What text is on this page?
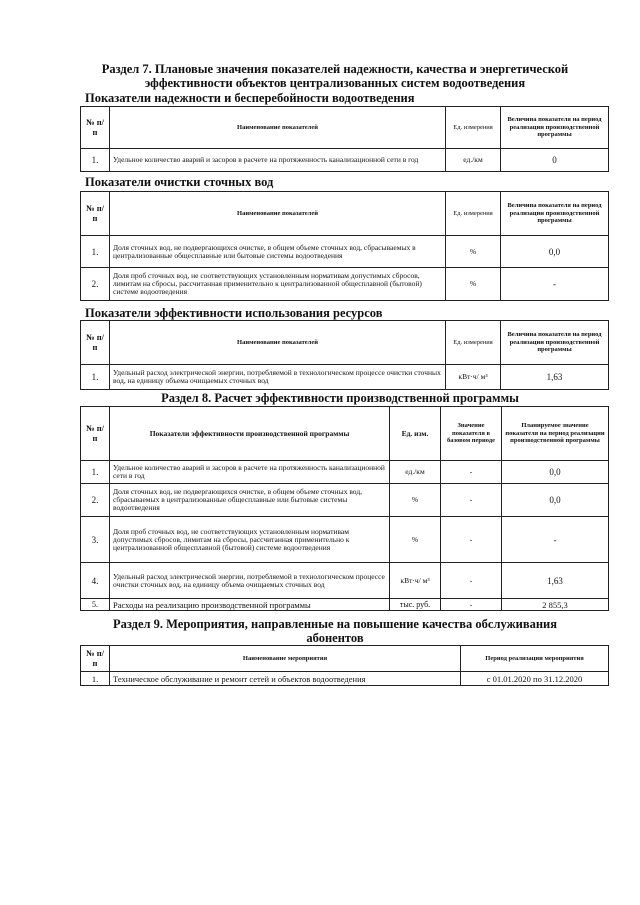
Раздел 7. Плановые значения показателей надежности, качества и энергетической
эффективности объектов централизованных систем водоотведения
Показатели надежности и бесперебойности водоотведения
№ п/п	Наименование показателей	Ед. измерения	Величина показателя на период реализации производственной программы
1.	Удельное количество аварий и засоров в расчете на протяженность канализационной сети в год	ед./км	0
Показатели очистки сточных вод
№ п/п	Наименование показателей	Ед. измерения	Величина показателя на период реализации производственной программы
1.	Доля сточных вод, не подвергающихся очистке, в общем объеме сточных вод, сбрасываемых в централизованные общесплавные или бытовые системы водоотведения	%	0,0
2.	Доля проб сточных вод, не соответствующих установленным нормативам допустимых сбросов, лимитам на сбросы, рассчитанная применительно к централизованной общесплавной (бытовой) системе водоотведения	%	-
Показатели эффективности использования ресурсов
№ п/п	Наименование показателей	Ед. измерения	Величина показателя на период реализации производственной программы
1.	Удельный расход электрической энергии, потребляемой в технологическом процессе очистки сточных вод, на единицу объема очищаемых сточных вод	кВт·ч/ м³	1,63
Раздел 8. Расчет эффективности производственной программы
№ п/п	Показатели эффективности производственной программы	Ед. изм.	Значение показателя в базовом периоде	Планируемое значение показателя на период реализации производственной программы
1.	Удельное количество аварий и засоров в расчете на протяженность канализационной сети в год	ед./км	-	0,0
2.	Доля сточных вод, не подвергающихся очистке, в общем объеме сточных вод, сбрасываемых в централизованные общесплавные или бытовые системы водоотведения	%	-	0,0
3.	Доля проб сточных вод, не соответствующих установленным нормативам допустимых сбросов, лимитам на сбросы, рассчитанная применительно к централизованной общесплавной (бытовой) системе водоотведения	%	-	-
4.	Удельный расход электрической энергии, потребляемой в технологическом процессе очистки сточных вод, на единицу объема очищаемых сточных вод	кВт·ч/ м³	-	1,63
5.	Расходы на реализацию производственной программы	тыс. руб.	-	2 855,3
Раздел 9. Мероприятия, направленные на повышение качества обслуживания
абонентов
№ п/п	Наименование мероприятия	Период реализации мероприятия
1.	Техническое обслуживание и ремонт сетей и объектов водоотведения	с 01.01.2020 по 31.12.2020
